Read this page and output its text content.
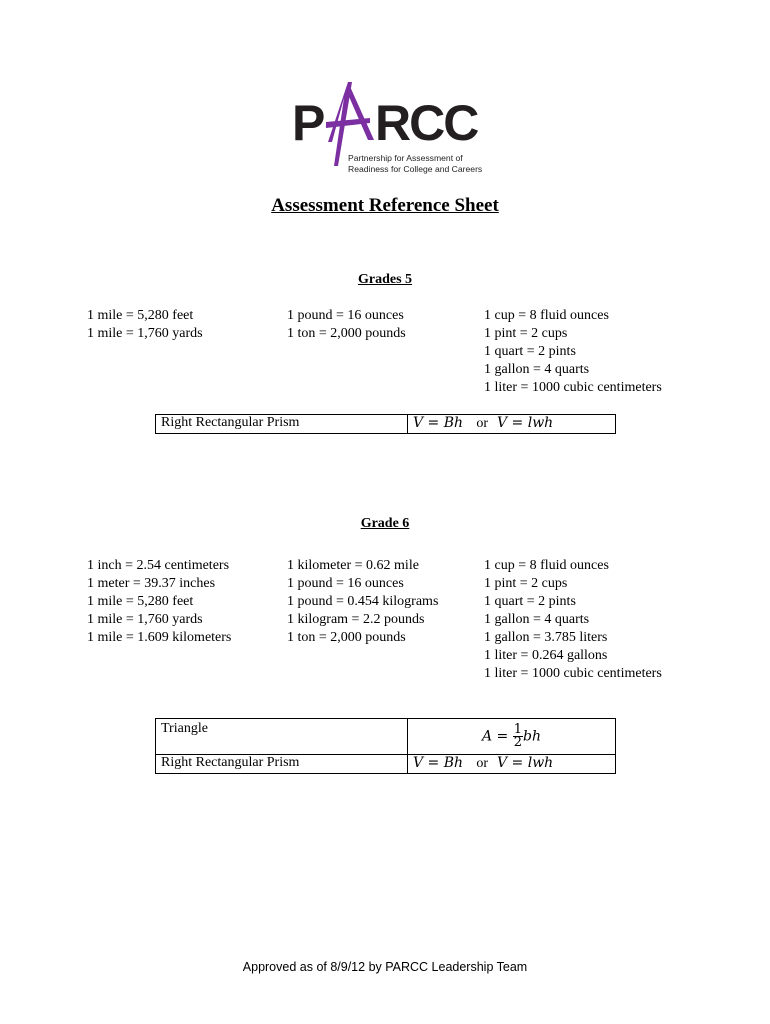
P RCC
A
Partnership for Assessment of
Readiness for College and Careers
Assessment Reference Sheet
Grades 5
1 mile = 5,280 feet
1 mile = 1,760 yards
1 pound = 16 ounces
1 ton = 2,000 pounds
1 cup = 8 fluid ounces
1 pint = 2 cups
1 quart = 2 pints
1 gallon = 4 quarts
1 liter = 1000 cubic centimeters
Right Rectangular Prism	V = Bh or V = lwh
Grade 6
1 inch = 2.54 centimeters
1 meter = 39.37 inches
1 mile = 5,280 feet
1 mile = 1,760 yards
1 mile = 1.609 kilometers
1 kilometer = 0.62 mile
1 pound = 16 ounces
1 pound = 0.454 kilograms
1 kilogram = 2.2 pounds
1 ton = 2,000 pounds
1 cup = 8 fluid ounces
1 pint = 2 cups
1 quart = 2 pints
1 gallon = 4 quarts
1 gallon = 3.785 liters
1 liter = 0.264 gallons
1 liter = 1000 cubic centimeters
Triangle	$A = \frac{1}{2}$ bh
Right Rectangular Prism	V = Bh or V = lwh
Approved as of 8/9/12 by PARCC Leadership Team
